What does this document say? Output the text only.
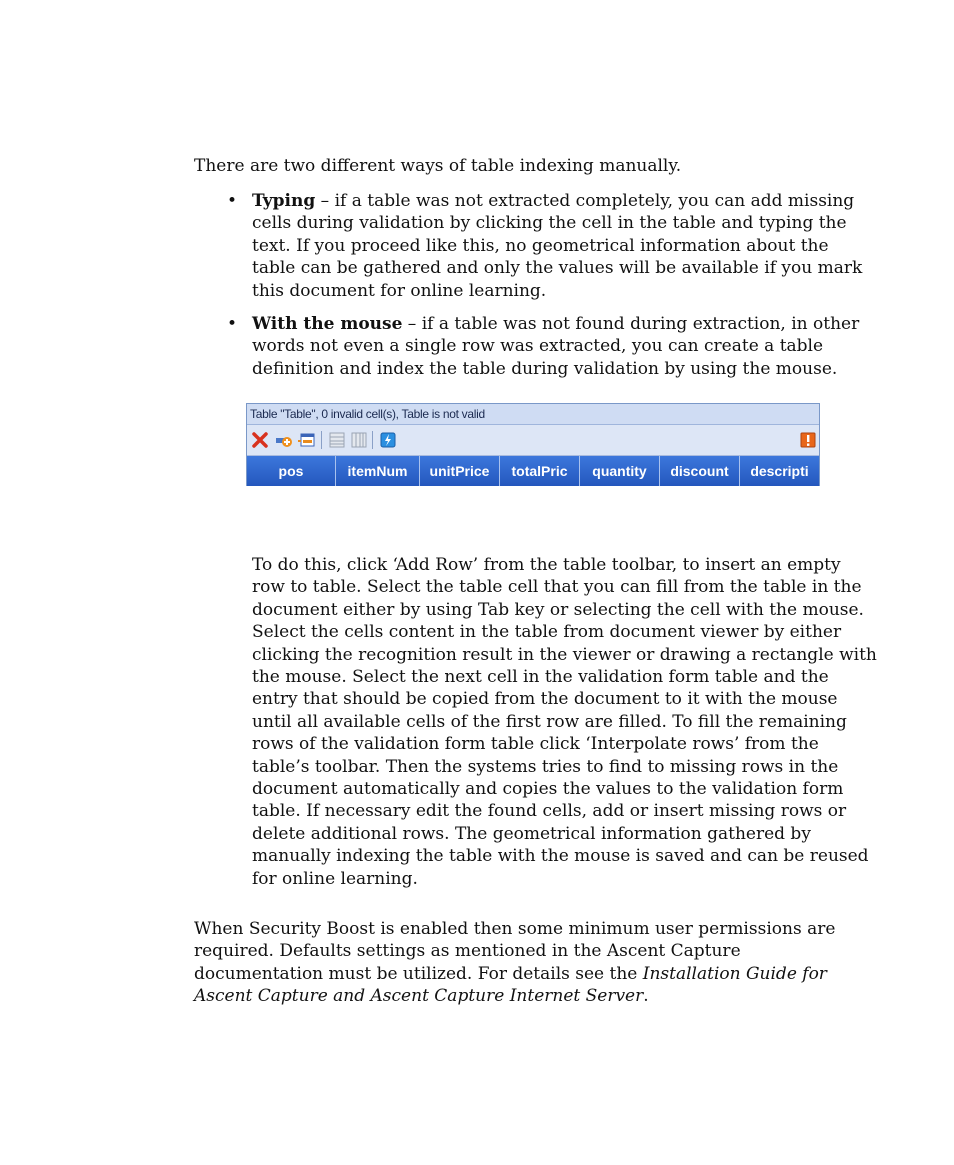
There are two different ways of table indexing manually.

• Typing – if a table was not extracted completely, you can add missing cells during validation by clicking the cell in the table and typing the text. If you proceed like this, no geometrical information about the table can be gathered and only the values will be available if you mark this document for online learning.
• With the mouse – if a table was not found during extraction, in other words not even a single row was extracted, you can create a table definition and index the table during validation by using the mouse.
Table "Table", 0 invalid cell(s), Table is not valid
pos	itemNum	unitPrice	totalPric	quantity	discount	descripti

To do this, click ‘Add Row’ from the table toolbar, to insert an empty row to table. Select the table cell that you can fill from the table in the document either by using Tab key or selecting the cell with the mouse. Select the cells content in the table from document viewer by either clicking the recognition result in the viewer or drawing a rectangle with the mouse. Select the next cell in the validation form table and the entry that should be copied from the document to it with the mouse until all available cells of the first row are filled. To fill the remaining rows of the validation form table click ‘Interpolate rows’ from the table’s toolbar. Then the systems tries to find to missing rows in the document automatically and copies the values to the validation form table. If necessary edit the found cells, add or insert missing rows or delete additional rows. The geometrical information gathered by manually indexing the table with the mouse is saved and can be reused for online learning.

When Security Boost is enabled then some minimum user permissions are required. Defaults settings as mentioned in the Ascent Capture documentation must be utilized. For details see the Installation Guide for Ascent Capture and Ascent Capture Internet Server.
